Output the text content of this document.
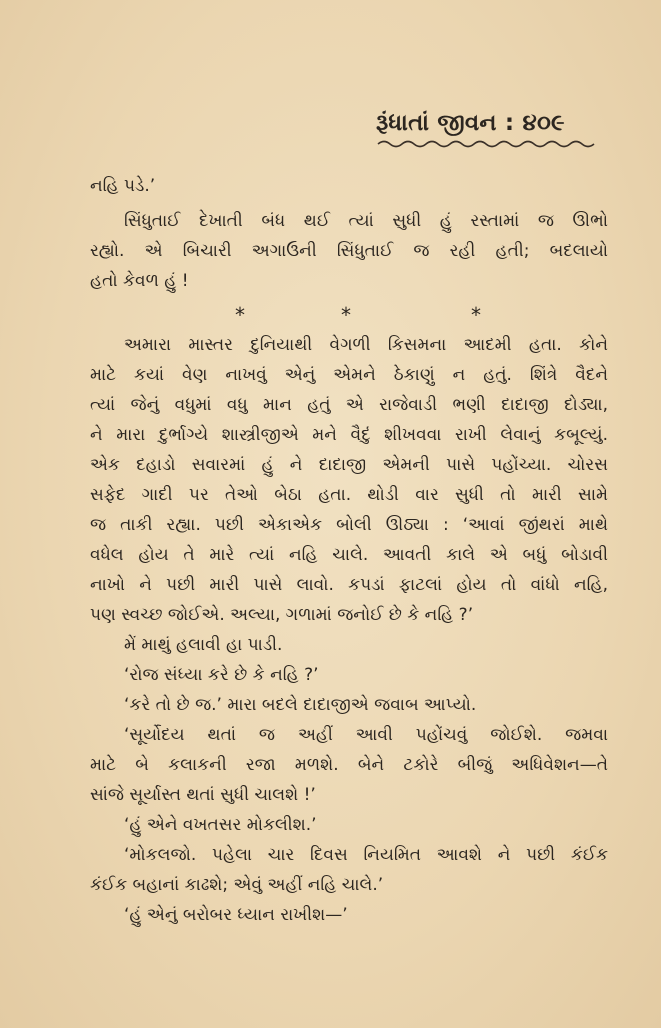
રૂંધાતાં જીવન : ૪૦૯
નહિ પડે.’
સિંધુતાઈ દેખાતી બંધ થઈ ત્યાં સુધી હું રસ્તામાં જ ઊભો
રહ્યો. એ બિચારી અગાઉની સિંધુતાઈ જ રહી હતી; બદલાયો
હતો કેવળ હું !
*	*	*
અમારા માસ્તર દુનિયાથી વેગળી કિસમના આદમી હતા. કોને
માટે કયાં વેણ નાખવું એનું એમને ઠેકાણું ન હતું. શિંત્રે વૈદને
ત્યાં જેનું વધુમાં વધુ માન હતું એ રાજેવાડી ભણી દાદાજી દોડ્યા,
ને મારા દુર્ભાગ્યે શાસ્ત્રીજીએ મને વૈદું શીખવવા રાખી લેવાનું કબૂલ્યું.
એક દહાડો સવારમાં હું ને દાદાજી એમની પાસે પહોંચ્યા. ચોરસ
સફેદ ગાદી પર તેઓ બેઠા હતા. થોડી વાર સુધી તો મારી સામે
જ તાકી રહ્યા. પછી એકાએક બોલી ઊઠ્યા : ‘આવાં જીંથરાં માથે
વધેલ હોય તે મારે ત્યાં નહિ ચાલે. આવતી કાલે એ બધું બોડાવી
નાખો ને પછી મારી પાસે લાવો. કપડાં ફાટલાં હોય તો વાંધો નહિ,
પણ સ્વચ્છ જોઈએ. અલ્યા, ગળામાં જનોઈ છે કે નહિ ?’
મેં માથું હલાવી હા પાડી.
‘રોજ સંધ્યા કરે છે કે નહિ ?’
‘કરે તો છે જ.’ મારા બદલે દાદાજીએ જવાબ આપ્યો.
‘સૂર્યોદય થતાં જ અહીં આવી પહોંચવું જોઈશે. જમવા
માટે બે કલાકની રજા મળશે. બેને ટકોરે બીજું અધિવેશન—તે
સાંજે સૂર્યાસ્ત થતાં સુધી ચાલશે !’
‘હું એને વખતસર મોકલીશ.’
‘મોકલજો. પહેલા ચાર દિવસ નિયમિત આવશે ને પછી કંઈક
કંઈક બહાનાં કાઢશે; એવું અહીં નહિ ચાલે.’
‘હું એનું બરોબર ધ્યાન રાખીશ—’
